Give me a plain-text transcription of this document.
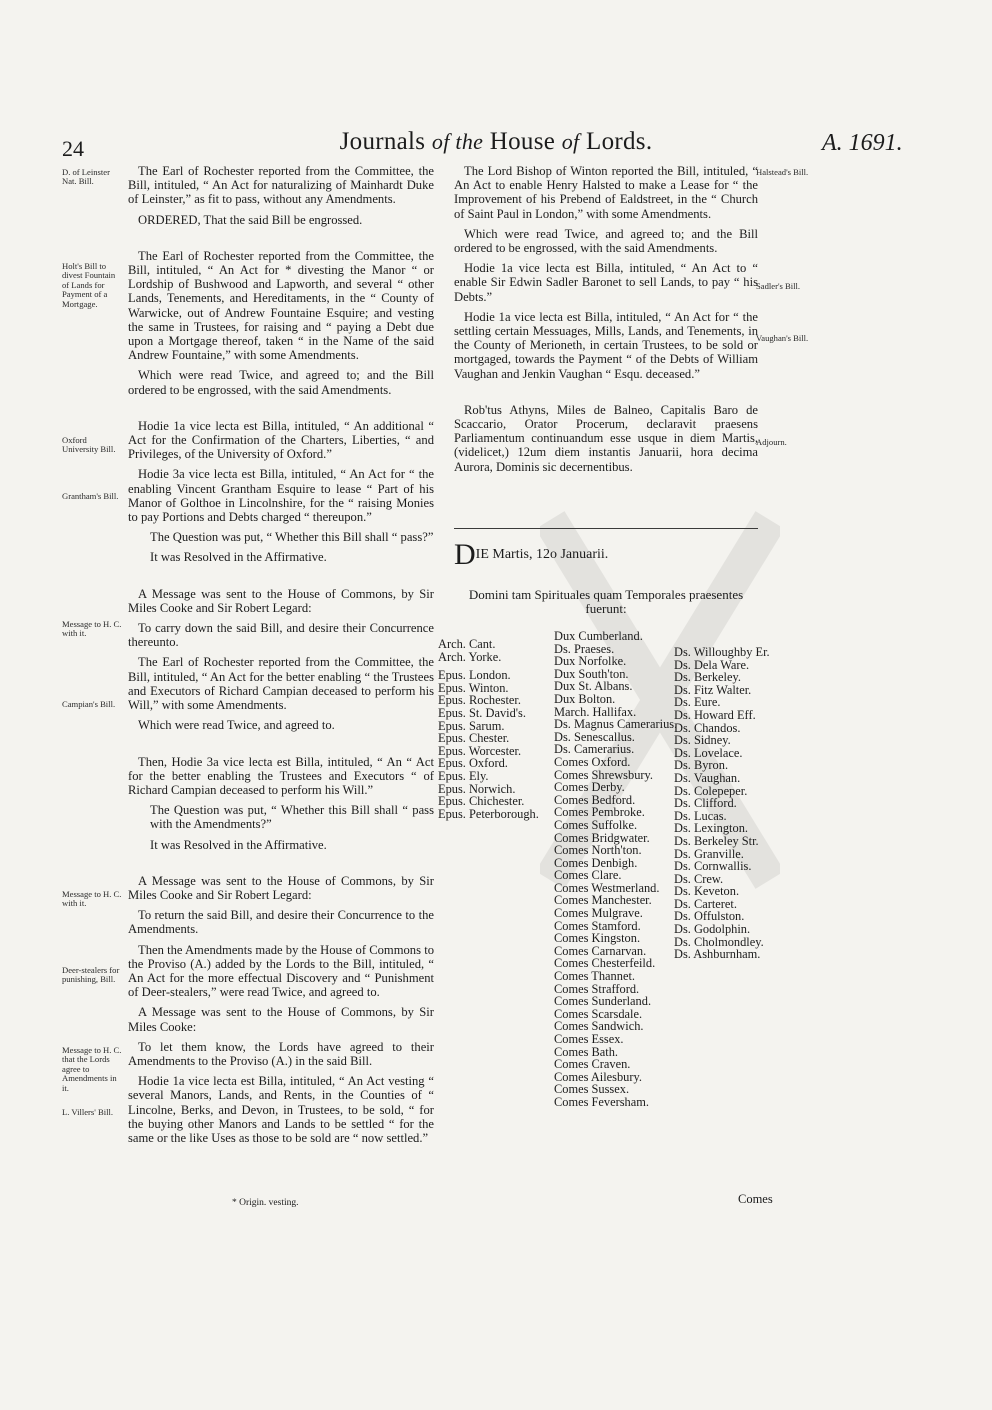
24	Journals of the House of Lords.	A. 1691.
D. of Leinster Nat. Bill.
Holt's Bill to divest Fountain of Lands for Payment of a Mortgage.
Oxford University Bill.
Grantham's Bill.
Message to H. C. with it.
Campian's Bill.
Message to H. C. with it.
Deer-stealers for punishing, Bill.
Message to H. C. that the Lords agree to Amendments in it.
L. Villers' Bill.
Halstead's Bill.
Sadler's Bill.
Vaughan's Bill.
Adjourn.

The Earl of Rochester reported from the Committee, the Bill, intituled, “ An Act for naturalizing of Mainhardt Duke of Leinster,” as fit to pass, without any Amendments.

ORDERED, That the said Bill be engrossed.

The Earl of Rochester reported from the Committee, the Bill, intituled, “ An Act for * divesting the Manor “ or Lordship of Bushwood and Lapworth, and several “ other Lands, Tenements, and Hereditaments, in the “ County of Warwicke, out of Andrew Fountaine Esquire; and vesting the same in Trustees, for raising and “ paying a Debt due upon a Mortgage thereof, taken “ in the Name of the said Andrew Fountaine,” with some Amendments.

Which were read Twice, and agreed to; and the Bill ordered to be engrossed, with the said Amendments.

Hodie 1a vice lecta est Billa, intituled, “ An additional “ Act for the Confirmation of the Charters, Liberties, “ and Privileges, of the University of Oxford.”

Hodie 3a vice lecta est Billa, intituled, “ An Act for “ the enabling Vincent Grantham Esquire to lease “ Part of his Manor of Golthoe in Lincolnshire, for the “ raising Monies to pay Portions and Debts charged “ thereupon.”

The Question was put, “ Whether this Bill shall “ pass?”

It was Resolved in the Affirmative.

A Message was sent to the House of Commons, by Sir Miles Cooke and Sir Robert Legard:

To carry down the said Bill, and desire their Concurrence thereunto.

The Earl of Rochester reported from the Committee, the Bill, intituled, “ An Act for the better enabling “ the Trustees and Executors of Richard Campian deceased to perform his Will,” with some Amendments.

Which were read Twice, and agreed to.

Then, Hodie 3a vice lecta est Billa, intituled, “ An “ Act for the better enabling the Trustees and Executors “ of Richard Campian deceased to perform his Will.”

The Question was put, “ Whether this Bill shall “ pass with the Amendments?”

It was Resolved in the Affirmative.

A Message was sent to the House of Commons, by Sir Miles Cooke and Sir Robert Legard:

To return the said Bill, and desire their Concurrence to the Amendments.

Then the Amendments made by the House of Commons to the Proviso (A.) added by the Lords to the Bill, intituled, “ An Act for the more effectual Discovery and “ Punishment of Deer-stealers,” were read Twice, and agreed to.

A Message was sent to the House of Commons, by Sir Miles Cooke:

To let them know, the Lords have agreed to their Amendments to the Proviso (A.) in the said Bill.

Hodie 1a vice lecta est Billa, intituled, “ An Act vesting “ several Manors, Lands, and Rents, in the Counties of “ Lincolne, Berks, and Devon, in Trustees, to be sold, “ for the buying other Manors and Lands to be settled “ for the same or the like Uses as those to be sold are “ now settled.”

The Lord Bishop of Winton reported the Bill, intituled, “ An Act to enable Henry Halsted to make a Lease for “ the Improvement of his Prebend of Ealdstreet, in the “ Church of Saint Paul in London,” with some Amendments.

Which were read Twice, and agreed to; and the Bill ordered to be engrossed, with the said Amendments.

Hodie 1a vice lecta est Billa, intituled, “ An Act to “ enable Sir Edwin Sadler Baronet to sell Lands, to pay “ his Debts.”

Hodie 1a vice lecta est Billa, intituled, “ An Act for “ the settling certain Messuages, Mills, Lands, and Tenements, in the County of Merioneth, in certain Trustees, to be sold or mortgaged, towards the Payment “ of the Debts of William Vaughan and Jenkin Vaughan “ Esqu. deceased.”

Rob'tus Athyns, Miles de Balneo, Capitalis Baro de Scaccario, Orator Procerum, declaravit praesens Parliamentum continuandum esse usque in diem Martis, (videlicet,) 12um diem instantis Januarii, hora decima Aurora, Dominis sic decernentibus.

DIE Martis, 12o Januarii.
Domini tam Spirituales quam Temporales praesentes fuerunt:
Arch. Cant.
Arch. Yorke.
Epus. London.
Epus. Winton.
Epus. Rochester.
Epus. St. David's.
Epus. Sarum.
Epus. Chester.
Epus. Worcester.
Epus. Oxford.
Epus. Ely.
Epus. Norwich.
Epus. Chichester.
Epus. Peterborough.
Dux Cumberland.
Ds. Praeses.
Dux Norfolke.
Dux South'ton.
Dux St. Albans.
Dux Bolton.
March. Hallifax.
Ds. Magnus Camerarius.
Ds. Senescallus.
Ds. Camerarius.
Comes Oxford.
Comes Shrewsbury.
Comes Derby.
Comes Bedford.
Comes Pembroke.
Comes Suffolke.
Comes Bridgwater.
Comes North'ton.
Comes Denbigh.
Comes Clare.
Comes Westmerland.
Comes Manchester.
Comes Mulgrave.
Comes Stamford.
Comes Kingston.
Comes Carnarvan.
Comes Chesterfeild.
Comes Thannet.
Comes Strafford.
Comes Sunderland.
Comes Scarsdale.
Comes Sandwich.
Comes Essex.
Comes Bath.
Comes Craven.
Comes Ailesbury.
Comes Sussex.
Comes Feversham.
Ds. Willoughby Er.
Ds. Dela Ware.
Ds. Berkeley.
Ds. Fitz Walter.
Ds. Eure.
Ds. Howard Eff.
Ds. Chandos.
Ds. Sidney.
Ds. Lovelace.
Ds. Byron.
Ds. Vaughan.
Ds. Colepeper.
Ds. Clifford.
Ds. Lucas.
Ds. Lexington.
Ds. Berkeley Str.
Ds. Granville.
Ds. Cornwallis.
Ds. Crew.
Ds. Keveton.
Ds. Carteret.
Ds. Offulston.
Ds. Godolphin.
Ds. Cholmondley.
Ds. Ashburnham.
* Origin. vesting.	Comes
